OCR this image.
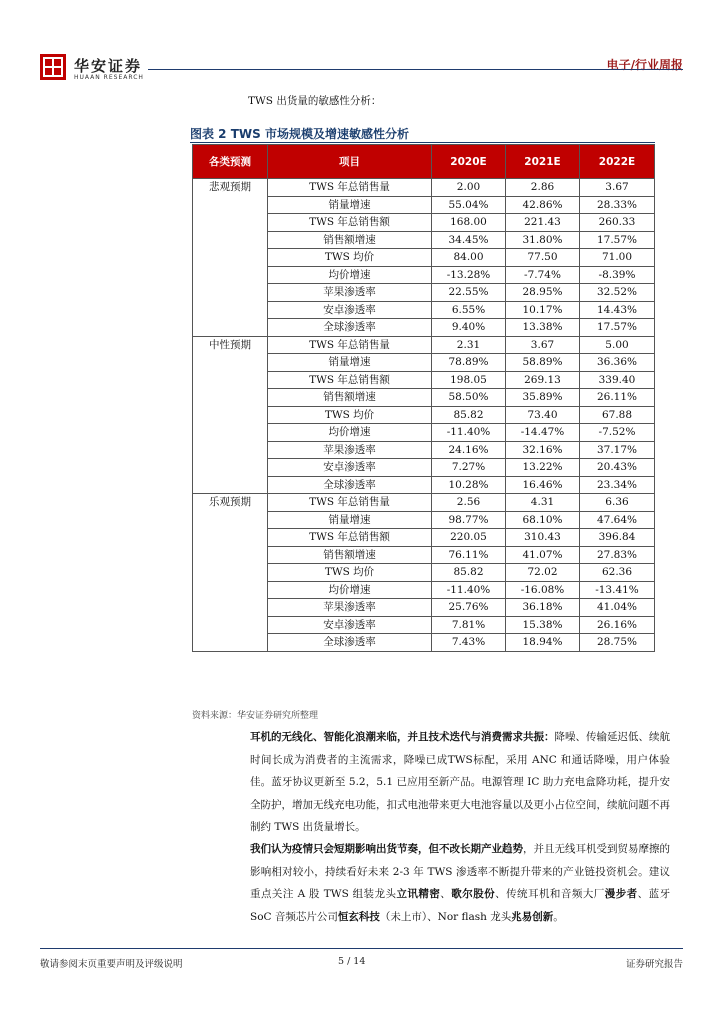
华安证券
HUAAN RESEARCH
电子/行业周报
TWS 出货量的敏感性分析：
图表 2 TWS 市场规模及增速敏感性分析
各类预测	项目	2020E	2021E	2022E

悲观预期	TWS 年总销售量	2.00	2.86	3.67
	销量增速	55.04%	42.86%	28.33%
	TWS 年总销售额	168.00	221.43	260.33
	销售额增速	34.45%	31.80%	17.57%
	TWS 均价	84.00	77.50	71.00
	均价增速	-13.28%	-7.74%	-8.39%
	苹果渗透率	22.55%	28.95%	32.52%
	安卓渗透率	6.55%	10.17%	14.43%
	全球渗透率	9.40%	13.38%	17.57%

中性预期	TWS 年总销售量	2.31	3.67	5.00
	销量增速	78.89%	58.89%	36.36%
	TWS 年总销售额	198.05	269.13	339.40
	销售额增速	58.50%	35.89%	26.11%
	TWS 均价	85.82	73.40	67.88
	均价增速	-11.40%	-14.47%	-7.52%
	苹果渗透率	24.16%	32.16%	37.17%
	安卓渗透率	7.27%	13.22%	20.43%
	全球渗透率	10.28%	16.46%	23.34%

乐观预期	TWS 年总销售量	2.56	4.31	6.36
	销量增速	98.77%	68.10%	47.64%
	TWS 年总销售额	220.05	310.43	396.84
	销售额增速	76.11%	41.07%	27.83%
	TWS 均价	85.82	72.02	62.36
	均价增速	-11.40%	-16.08%	-13.41%
	苹果渗透率	25.76%	36.18%	41.04%
	安卓渗透率	7.81%	15.38%	26.16%
	全球渗透率	7.43%	18.94%	28.75%
资料来源：华安证券研究所整理
耳机的无线化、智能化浪潮来临，并且技术迭代与消费需求共振：降噪、传输延迟低、续航时间长成为消费者的主流需求，降噪已成TWS标配，采用 ANC 和通话降噪，用户体验佳。蓝牙协议更新至 5.2，5.1 已应用至新产品。电源管理 IC 助力充电盒降功耗，提升安全防护，增加无线充电功能，扣式电池带来更大电池容量以及更小占位空间，续航问题不再制约 TWS 出货量增长。
我们认为疫情只会短期影响出货节奏，但不改长期产业趋势，并且无线耳机受到贸易摩擦的影响相对较小，持续看好未来 2-3 年 TWS 渗透率不断提升带来的产业链投资机会。建议重点关注 A 股 TWS 组装龙头立讯精密、歌尔股份、传统耳机和音频大厂漫步者、蓝牙 SoC 音频芯片公司恒玄科技（未上市）、Nor flash 龙头兆易创新。
敬请参阅末页重要声明及评级说明	5 / 14	证券研究报告
